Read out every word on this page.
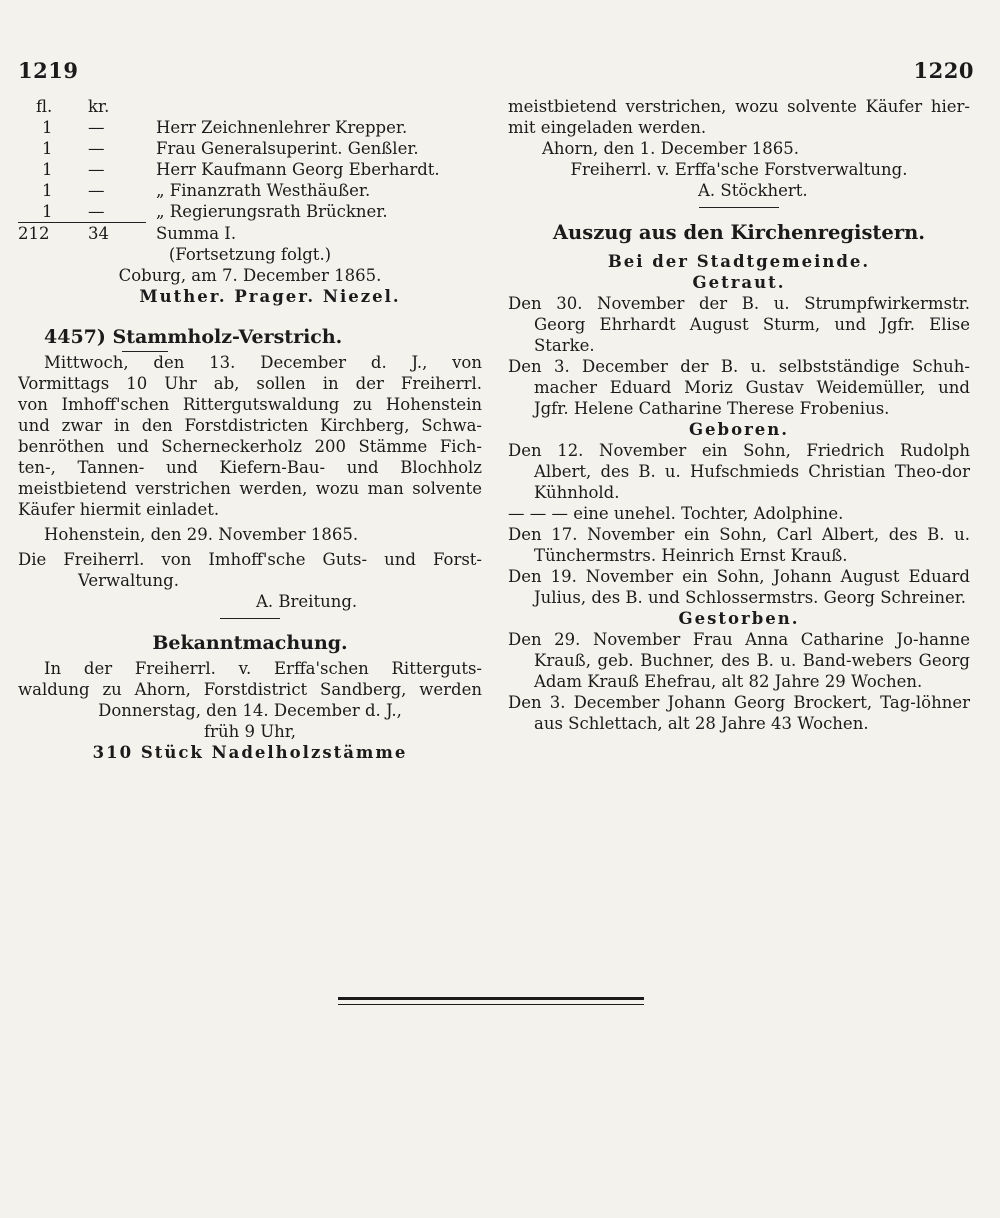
1219	1220
fl.	kr.	
1	—	Herr Zeichnenlehrer Krepper.
1	—	Frau Generalsuperint. Genßler.
1	—	Herr Kaufmann Georg Eberhardt.
1	—	„ Finanzrath Westhäußer.
1	—	„ Regierungsrath Brückner.
212	34	Summa I.
(Fortsetzung folgt.)
Coburg, am 7. December 1865.
Muther. Prager. Niezel.
4457) Stammholz-Verstrich.
Mittwoch, den 13. December d. J., von
Vormittags 10 Uhr ab, sollen in der Freiherrl.
von Imhoff'schen Rittergutswaldung zu Hohenstein
und zwar in den Forstdistricten Kirchberg, Schwa-
benröthen und Scherneckerholz 200 Stämme Fich-
ten-, Tannen- und Kiefern-Bau- und Blochholz
meistbietend verstrichen werden, wozu man solvente
Käufer hiermit einladet.
Hohenstein, den 29. November 1865.
Die Freiherrl. von Imhoff'sche Guts- und Forst-
Verwaltung.
A. Breitung.
Bekanntmachung.
In der Freiherrl. v. Erffa'schen Ritterguts-
waldung zu Ahorn, Forstdistrict Sandberg, werden
Donnerstag, den 14. December d. J.,
früh 9 Uhr,
310 Stück Nadelholzstämme
meistbietend verstrichen, wozu solvente Käufer hier-
mit eingeladen werden.
Ahorn, den 1. December 1865.
Freiherrl. v. Erffa'sche Forstverwaltung.
A. Stöckhert.
Auszug aus den Kirchenregistern.
Bei der Stadtgemeinde.
Getraut.
Den 30. November der B. u. Strumpfwirkermstr. Georg Ehrhardt August Sturm, und Jgfr. Elise Starke.
Den 3. December der B. u. selbstständige Schuh-macher Eduard Moriz Gustav Weidemüller, und Jgfr. Helene Catharine Therese Frobenius.
Geboren.
Den 12. November ein Sohn, Friedrich Rudolph Albert, des B. u. Hufschmieds Christian Theo-dor Kühnhold.
— — — eine unehel. Tochter, Adolphine.
Den 17. November ein Sohn, Carl Albert, des B. u. Tünchermstrs. Heinrich Ernst Krauß.
Den 19. November ein Sohn, Johann August Eduard Julius, des B. und Schlossermstrs. Georg Schreiner.
Gestorben.
Den 29. November Frau Anna Catharine Jo-hanne Krauß, geb. Buchner, des B. u. Band-webers Georg Adam Krauß Ehefrau, alt 82 Jahre 29 Wochen.
Den 3. December Johann Georg Brockert, Tag-löhner aus Schlettach, alt 28 Jahre 43 Wochen.
